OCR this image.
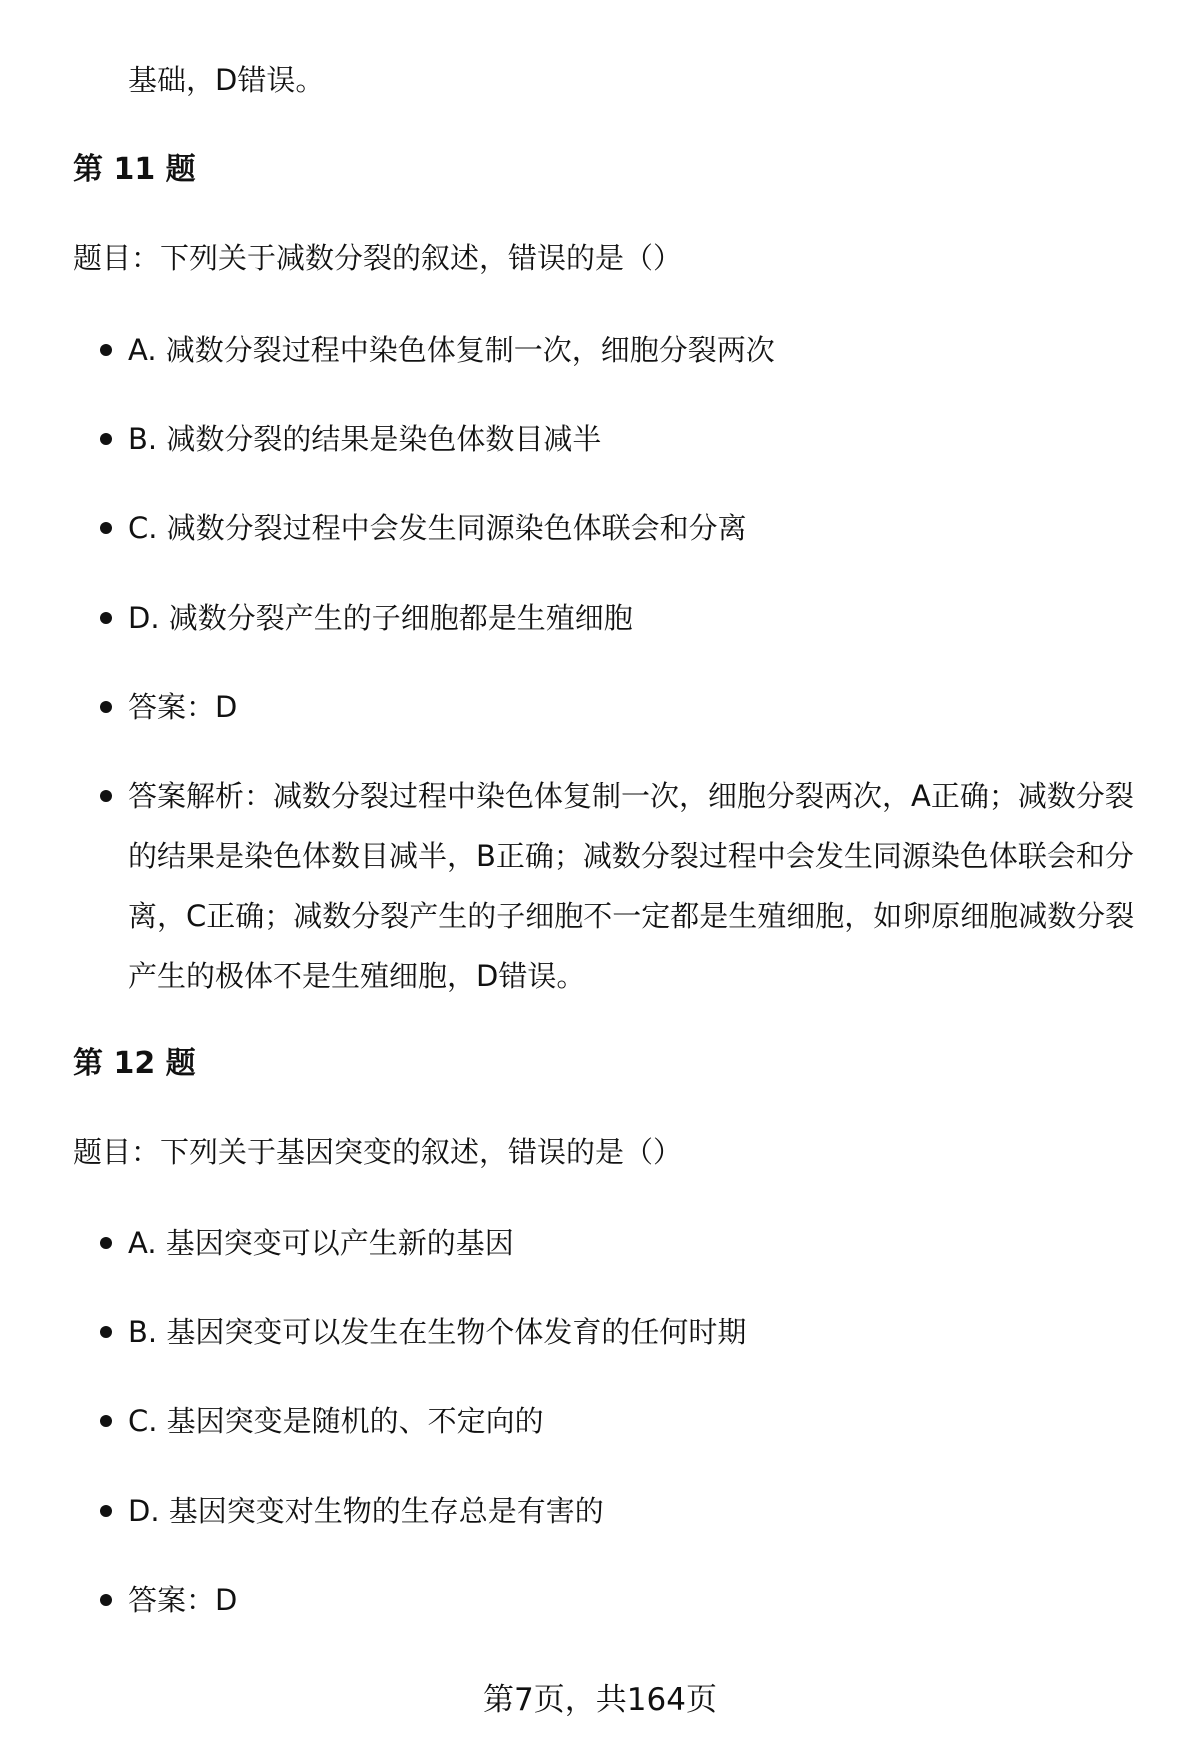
基础，D错误。
第 11 题
题目：下列关于减数分裂的叙述，错误的是（）
A. 减数分裂过程中染色体复制一次，细胞分裂两次
B. 减数分裂的结果是染色体数目减半
C. 减数分裂过程中会发生同源染色体联会和分离
D. 减数分裂产生的子细胞都是生殖细胞
答案：D
答案解析：减数分裂过程中染色体复制一次，细胞分裂两次，A正确；减数分裂的结果是染色体数目减半，B正确；减数分裂过程中会发生同源染色体联会和分离，C正确；减数分裂产生的子细胞不一定都是生殖细胞，如卵原细胞减数分裂产生的极体不是生殖细胞，D错误。
第 12 题
题目：下列关于基因突变的叙述，错误的是（）
A. 基因突变可以产生新的基因
B. 基因突变可以发生在生物个体发育的任何时期
C. 基因突变是随机的、不定向的
D. 基因突变对生物的生存总是有害的
答案：D
第7页，共164页
